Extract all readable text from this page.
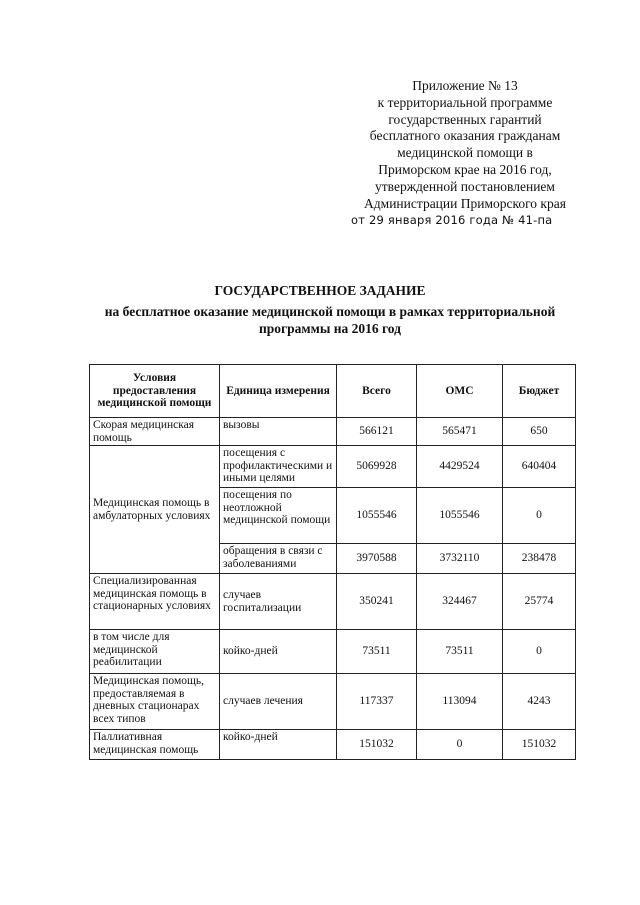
Приложение № 13
к территориальной программе
государственных гарантий
бесплатного оказания гражданам
медицинской помощи в
Приморском крае на 2016 год,
утвержденной постановлением
Администрации Приморского края
от 29 января 2016 года № 41-па
ГОСУДАРСТВЕННОЕ ЗАДАНИЕ
на бесплатное оказание медицинской помощи в рамках территориальной
программы на 2016 год
Условия предоставления медицинской помощи	Единица измерения	Всего	ОМС	Бюджет
Скорая медицинская помощь	вызовы	566121	565471	650
Медицинская помощь в амбулаторных условиях	посещения с профилактическими и иными целями	5069928	4429524	640404
	посещения по неотложной медицинской помощи	1055546	1055546	0
	обращения в связи с заболеваниями	3970588	3732110	238478
Специализированная медицинская помощь в стационарных условиях	случаев госпитализации	350241	324467	25774
в том числе для медицинской реабилитации	койко-дней	73511	73511	0
Медицинская помощь, предоставляемая в дневных стационарах всех типов	случаев лечения	117337	113094	4243
Паллиативная медицинская помощь	койко-дней	151032	0	151032
